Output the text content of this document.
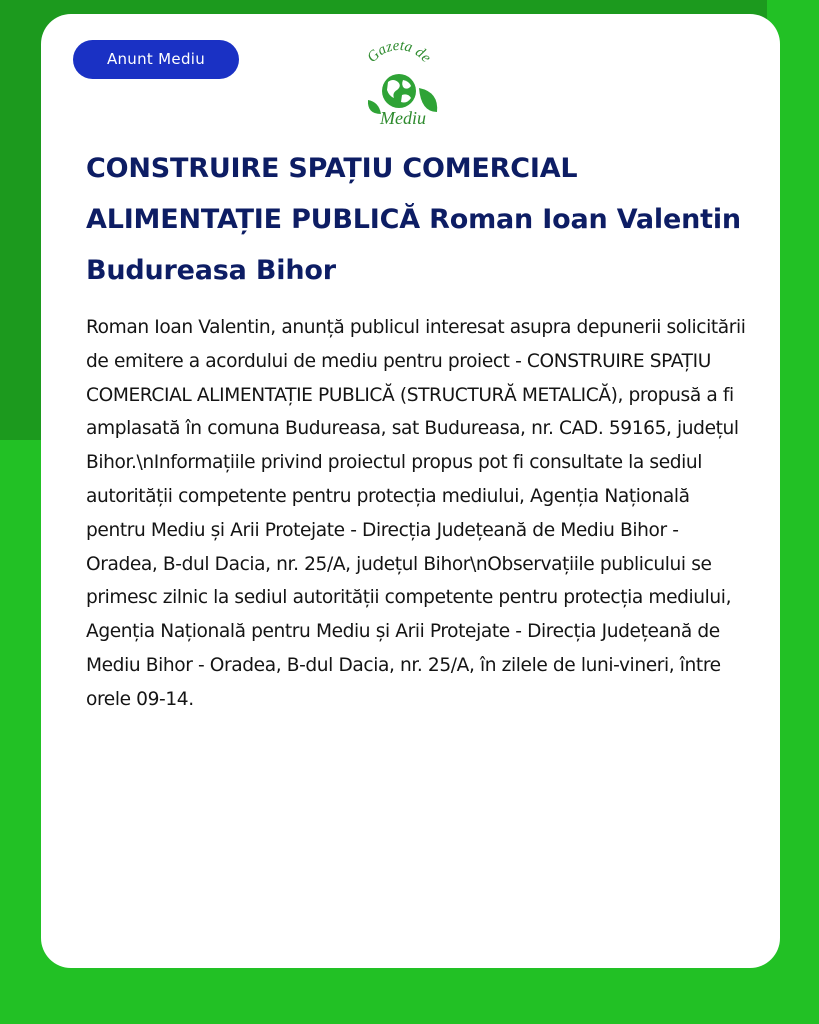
Anunt Mediu	Gazeta de
Mediu
CONSTRUIRE SPAȚIU COMERCIAL ALIMENTAȚIE PUBLICĂ Roman Ioan Valentin Budureasa Bihor

Roman Ioan Valentin, anunță publicul interesat asupra depunerii solicitării de emitere a acordului de mediu pentru proiect - CONSTRUIRE SPAȚIU COMERCIAL ALIMENTAȚIE PUBLICĂ (STRUCTURĂ METALICĂ), propusă a fi amplasată în comuna Budureasa, sat Budureasa, nr. CAD. 59165, județul Bihor.\nInformațiile privind proiectul propus pot fi consultate la sediul autorității competente pentru protecția mediului, Agenția Națională pentru Mediu și Arii Protejate - Direcția Județeană de Mediu Bihor - Oradea, B-dul Dacia, nr. 25/A, județul Bihor\nObservațiile publicului se primesc zilnic la sediul autorității competente pentru protecția mediului, Agenția Națională pentru Mediu și Arii Protejate - Direcția Județeană de Mediu Bihor - Oradea, B-dul Dacia, nr. 25/A, în zilele de luni-vineri, între orele 09-14.
